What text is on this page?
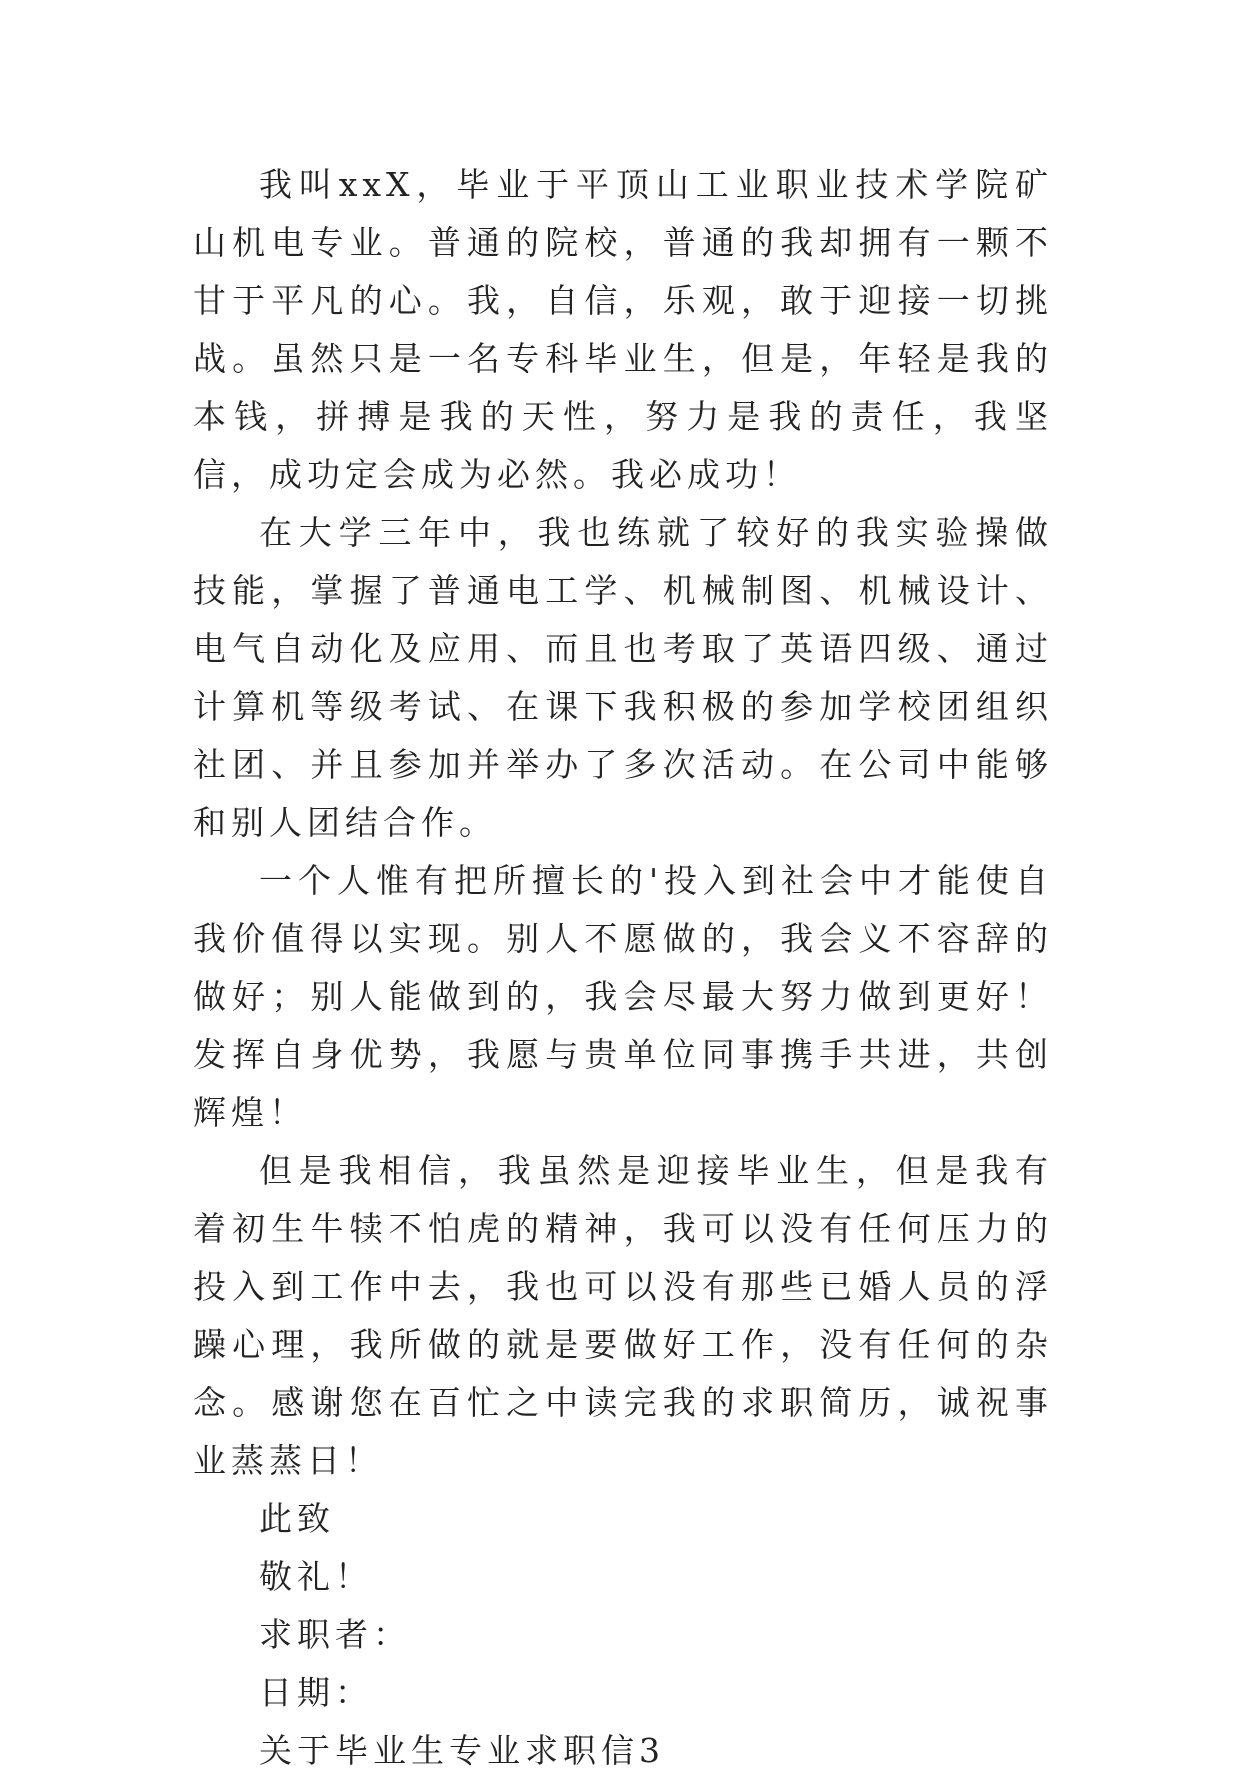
我叫xxX，毕业于平顶山工业职业技术学院矿山机电专业。普通的院校，普通的我却拥有一颗不甘于平凡的心。我，自信，乐观，敢于迎接一切挑战。虽然只是一名专科毕业生，但是，年轻是我的本钱，拼搏是我的天性，努力是我的责任，我坚信，成功定会成为必然。我必成功！

在大学三年中，我也练就了较好的我实验操做技能，掌握了普通电工学、机械制图、机械设计、电气自动化及应用、而且也考取了英语四级、通过计算机等级考试、在课下我积极的参加学校团组织社团、并且参加并举办了多次活动。在公司中能够和别人团结合作。

一个人惟有把所擅长的'投入到社会中才能使自我价值得以实现。别人不愿做的，我会义不容辞的做好；别人能做到的，我会尽最大努力做到更好！发挥自身优势，我愿与贵单位同事携手共进，共创辉煌！

但是我相信，我虽然是迎接毕业生，但是我有着初生牛犊不怕虎的精神，我可以没有任何压力的投入到工作中去，我也可以没有那些已婚人员的浮躁心理，我所做的就是要做好工作，没有任何的杂念。感谢您在百忙之中读完我的求职简历，诚祝事业蒸蒸日！

此致

敬礼！

求职者：

日期：

关于毕业生专业求职信3
